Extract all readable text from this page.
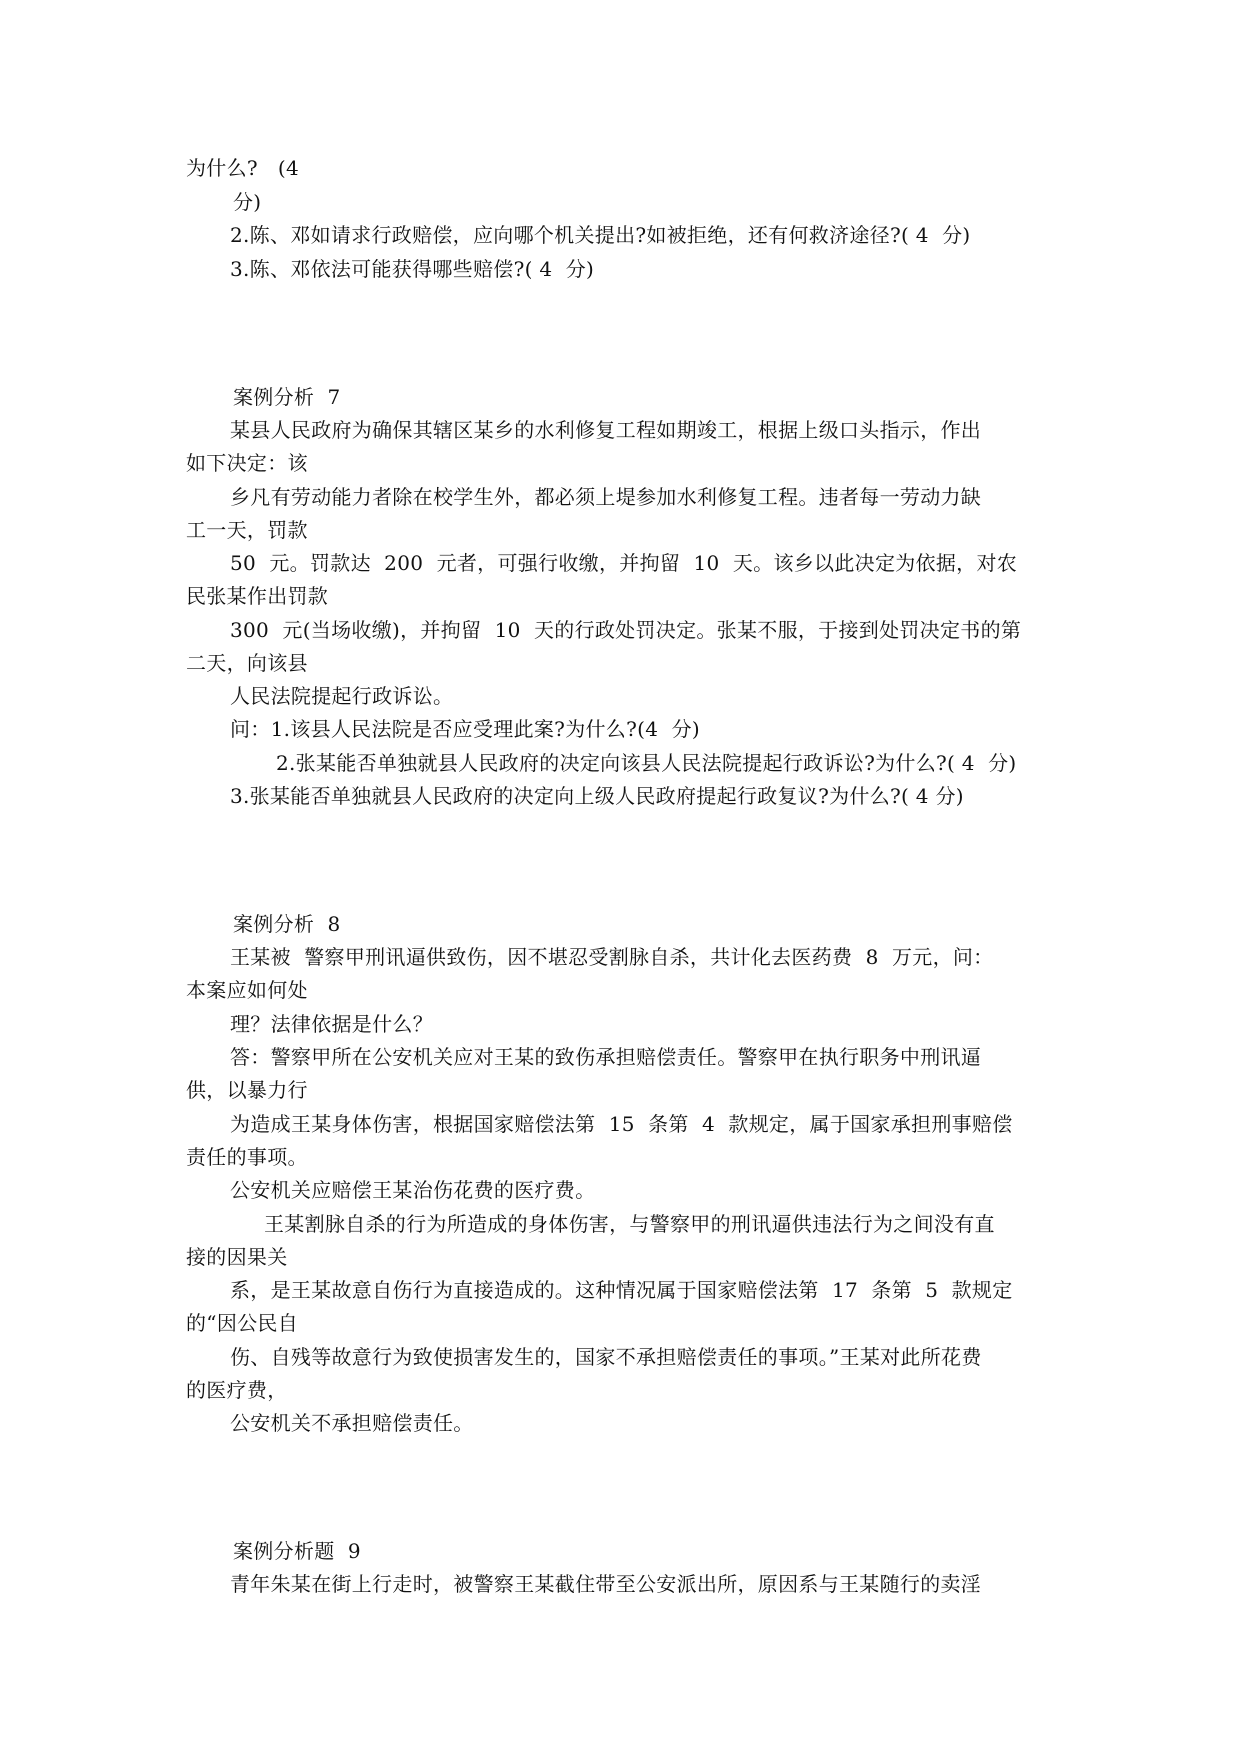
为什么?   (4
分)
2.陈、邓如请求行政赔偿，应向哪个机关提出?如被拒绝，还有何救济途径?( 4  分)
3.陈、邓依法可能获得哪些赔偿?( 4  分)
案例分析  7
某县人民政府为确保其辖区某乡的水利修复工程如期竣工，根据上级口头指示，作出
如下决定：该
乡凡有劳动能力者除在校学生外，都必须上堤参加水利修复工程。违者每一劳动力缺
工一天，罚款
50  元。罚款达  200  元者，可强行收缴，并拘留  10  天。该乡以此决定为依据，对农
民张某作出罚款
300  元(当场收缴)，并拘留  10  天的行政处罚决定。张某不服，于接到处罚决定书的第
二天，向该县
人民法院提起行政诉讼。
问：1.该县人民法院是否应受理此案?为什么?(4  分)
2.张某能否单独就县人民政府的决定向该县人民法院提起行政诉讼?为什么?( 4  分)
3.张某能否单独就县人民政府的决定向上级人民政府提起行政复议?为什么?( 4 分)
案例分析  8
王某被  警察甲刑讯逼供致伤，因不堪忍受割脉自杀，共计化去医药费  8  万元，问：
本案应如何处
理？法律依据是什么？
答：警察甲所在公安机关应对王某的致伤承担赔偿责任。警察甲在执行职务中刑讯逼
供，以暴力行
为造成王某身体伤害，根据国家赔偿法第  15  条第  4  款规定，属于国家承担刑事赔偿
责任的事项。
公安机关应赔偿王某治伤花费的医疗费。
王某割脉自杀的行为所造成的身体伤害，与警察甲的刑讯逼供违法行为之间没有直
接的因果关
系，是王某故意自伤行为直接造成的。这种情况属于国家赔偿法第  17  条第  5  款规定
的“因公民自
伤、自残等故意行为致使损害发生的，国家不承担赔偿责任的事项。”王某对此所花费
的医疗费，
公安机关不承担赔偿责任。
案例分析题  9
青年朱某在街上行走时，被警察王某截住带至公安派出所，原因系与王某随行的卖淫
